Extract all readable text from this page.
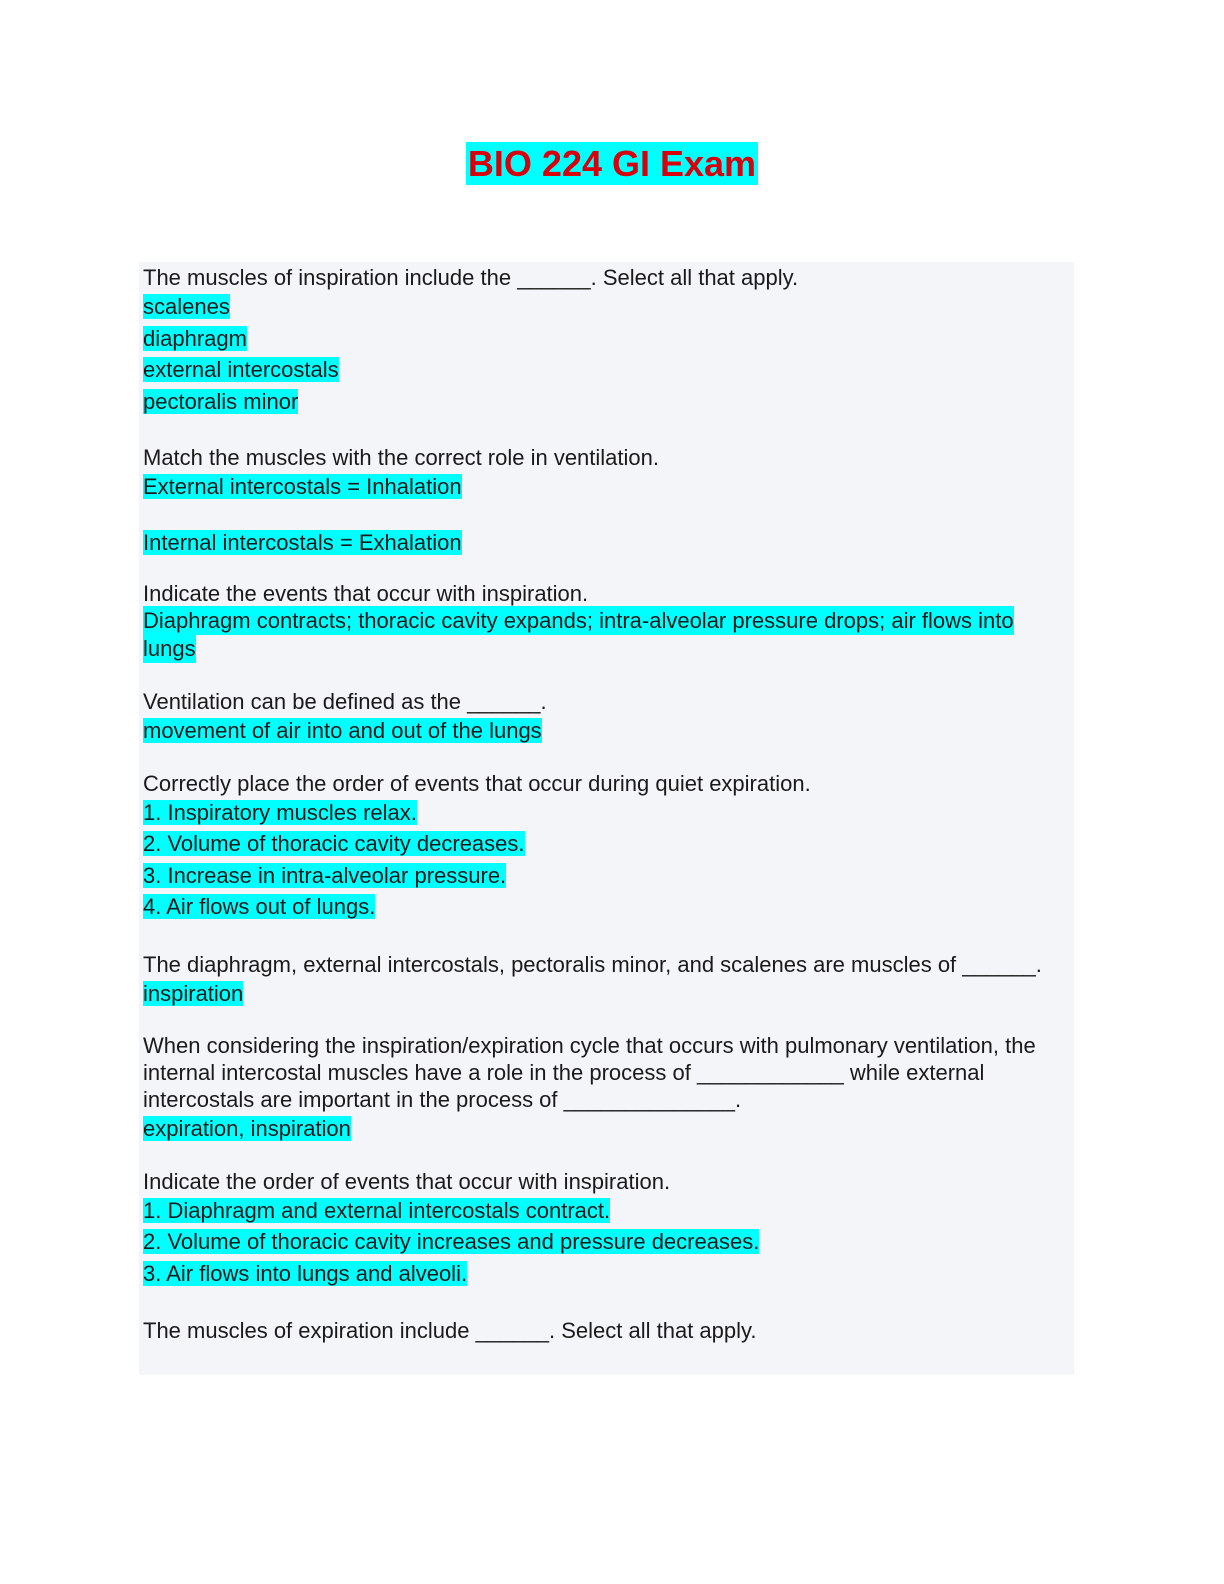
BIO 224 GI Exam

The muscles of inspiration include the ______. Select all that apply.

scalenes
diaphragm
external intercostals
pectoralis minor

Match the muscles with the correct role in ventilation.

External intercostals = Inhalation
Internal intercostals = Exhalation

Indicate the events that occur with inspiration.

Diaphragm contracts; thoracic cavity expands; intra-alveolar pressure drops; air flows into lungs

Ventilation can be defined as the ______.

movement of air into and out of the lungs

Correctly place the order of events that occur during quiet expiration.

1. Inspiratory muscles relax.
2. Volume of thoracic cavity decreases.
3. Increase in intra-alveolar pressure.
4. Air flows out of lungs.

The diaphragm, external intercostals, pectoralis minor, and scalenes are muscles of ______.

inspiration

When considering the inspiration/expiration cycle that occurs with pulmonary ventilation, the internal intercostal muscles have a role in the process of ____________ while external intercostals are important in the process of ______________.

expiration, inspiration

Indicate the order of events that occur with inspiration.

1. Diaphragm and external intercostals contract.
2. Volume of thoracic cavity increases and pressure decreases.
3. Air flows into lungs and alveoli.

The muscles of expiration include ______. Select all that apply.
